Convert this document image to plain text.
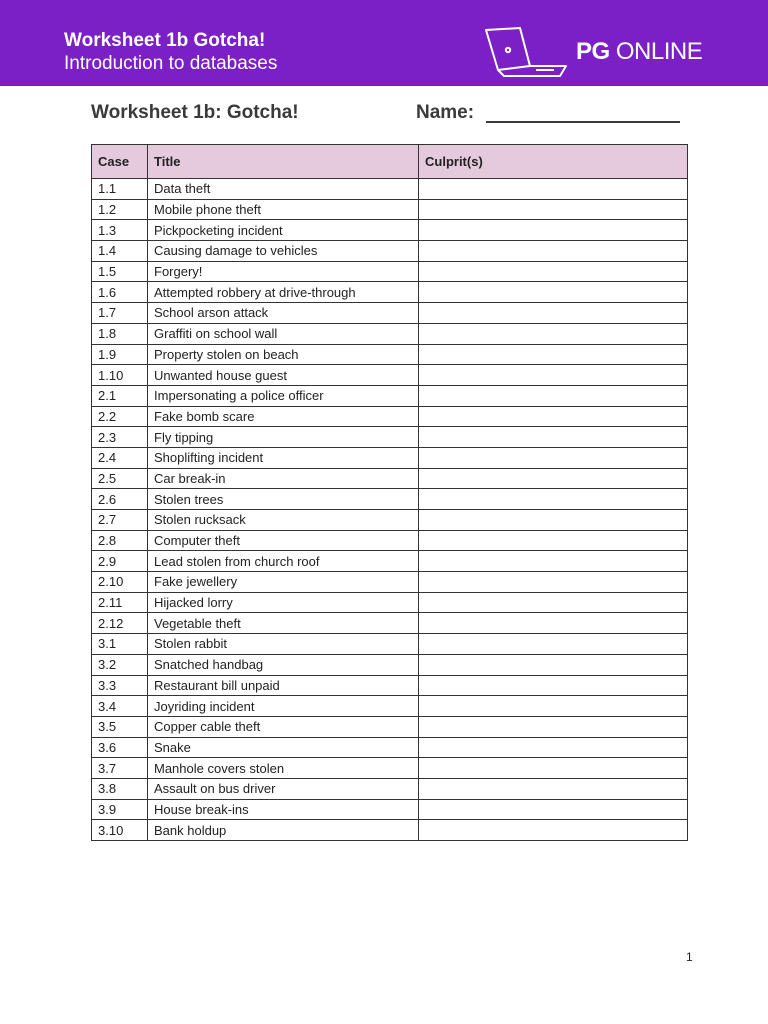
Worksheet 1b Gotcha!
Introduction to databases	PG ONLINE
Worksheet 1b: Gotcha!	Name:
Case	Title	Culprit(s)
1.1	Data theft	
1.2	Mobile phone theft	
1.3	Pickpocketing incident	
1.4	Causing damage to vehicles	
1.5	Forgery!	
1.6	Attempted robbery at drive-through	
1.7	School arson attack	
1.8	Graffiti on school wall	
1.9	Property stolen on beach	
1.10	Unwanted house guest	
2.1	Impersonating a police officer	
2.2	Fake bomb scare	
2.3	Fly tipping	
2.4	Shoplifting incident	
2.5	Car break-in	
2.6	Stolen trees	
2.7	Stolen rucksack	
2.8	Computer theft	
2.9	Lead stolen from church roof	
2.10	Fake jewellery	
2.11	Hijacked lorry	
2.12	Vegetable theft	
3.1	Stolen rabbit	
3.2	Snatched handbag	
3.3	Restaurant bill unpaid	
3.4	Joyriding incident	
3.5	Copper cable theft	
3.6	Snake	
3.7	Manhole covers stolen	
3.8	Assault on bus driver	
3.9	House break-ins	
3.10	Bank holdup	
1
